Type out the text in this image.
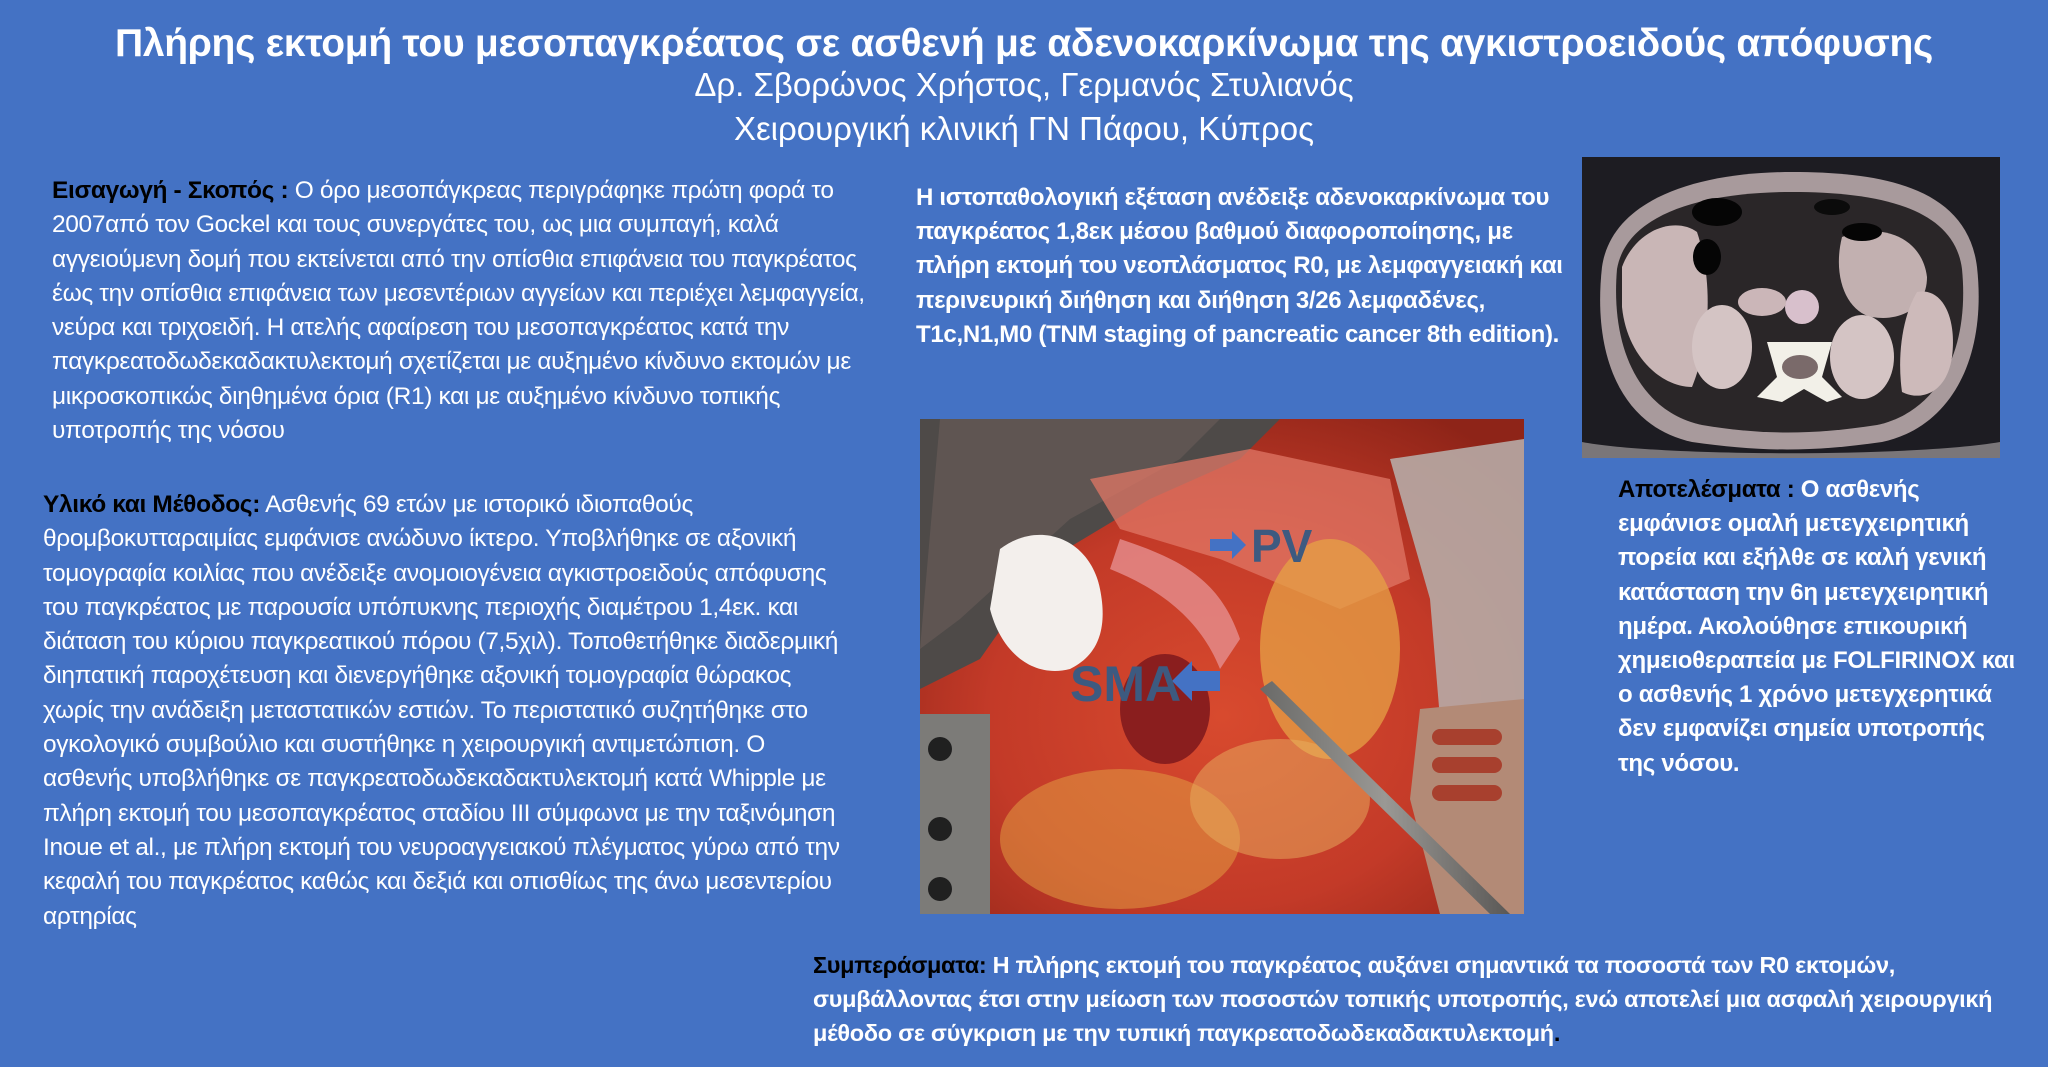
Πλήρης εκτομή του μεσοπαγκρέατος σε ασθενή με αδενοκαρκίνωμα της αγκιστροειδούς απόφυσης
Δρ. Σβορώνος Χρήστος, Γερμανός Στυλιανός
Χειρουργική κλινική ΓΝ Πάφου, Κύπρος
Εισαγωγή - Σκοπός : Ο όρο μεσοπάγκρεας περιγράφηκε πρώτη φορά το 2007από τον Gockel και τους συνεργάτες του, ως μια συμπαγή, καλά αγγειούμενη δομή που εκτείνεται από την οπίσθια επιφάνεια του παγκρέατος έως την οπίσθια επιφάνεια των μεσεντέριων αγγείων και περιέχει λεμφαγγεία, νεύρα και τριχοειδή. Η ατελής αφαίρεση του μεσοπαγκρέατος κατά την παγκρεατοδωδεκαδακτυλεκτομή σχετίζεται με αυξημένο κίνδυνο εκτομών με μικροσκοπικώς διηθημένα όρια (R1) και με αυξημένο κίνδυνο τοπικής υποτροπής της νόσου
Υλικό και Μέθοδος: Ασθενής 69 ετών με ιστορικό ιδιοπαθούς θρομβοκυτταραιμίας εμφάνισε ανώδυνο ίκτερο. Υποβλήθηκε σε αξονική τομογραφία κοιλίας που ανέδειξε ανομοιογένεια αγκιστροειδούς απόφυσης του παγκρέατος με παρουσία υπόπυκνης περιοχής διαμέτρου 1,4εκ. και διάταση του κύριου παγκρεατικού πόρου (7,5χιλ). Τοποθετήθηκε διαδερμική διηπατική παροχέτευση και διενεργήθηκε αξονική τομογραφία θώρακος χωρίς την ανάδειξη μεταστατικών εστιών. Το περιστατικό συζητήθηκε στο ογκολογικό συμβούλιο και συστήθηκε η χειρουργική αντιμετώπιση. Ο ασθενής υποβλήθηκε σε παγκρεατοδωδεκαδακτυλεκτομή κατά Whipple με πλήρη εκτομή του μεσοπαγκρέατος σταδίου ΙΙΙ σύμφωνα με την ταξινόμηση Inoue et al., με πλήρη εκτομή του νευροαγγειακού πλέγματος γύρω από την κεφαλή του παγκρέατος καθώς και δεξιά και οπισθίως της άνω μεσεντερίου αρτηρίας
Η ιστοπαθολογική εξέταση ανέδειξε αδενοκαρκίνωμα του παγκρέατος 1,8εκ μέσου βαθμού διαφοροποίησης, με πλήρη εκτομή του νεοπλάσματος R0, με λεμφαγγειακή και περινευρική διήθηση και διήθηση 3/26 λεμφαδένες, T1c,N1,M0 (TNM staging of pancreatic cancer 8th edition).
Αποτελέσματα : Ο ασθενής εμφάνισε ομαλή μετεγχειρητική πορεία και εξήλθε σε καλή γενική κατάσταση την 6η μετεγχειρητική ημέρα. Ακολούθησε επικουρική χημειοθεραπεία με FOLFIRINOX και ο ασθενής 1 χρόνο μετεγχερητικά δεν εμφανίζει σημεία υποτροπής της νόσου.
Συμπεράσματα: Η πλήρης εκτομή του παγκρέατος αυξάνει σημαντικά τα ποσοστά των R0 εκτομών, συμβάλλοντας έτσι στην μείωση των ποσοστών τοπικής υποτροπής, ενώ αποτελεί μια ασφαλή χειρουργική μέθοδο σε σύγκριση με την τυπική παγκρεατοδωδεκαδακτυλεκτομή.
PV
SMA
